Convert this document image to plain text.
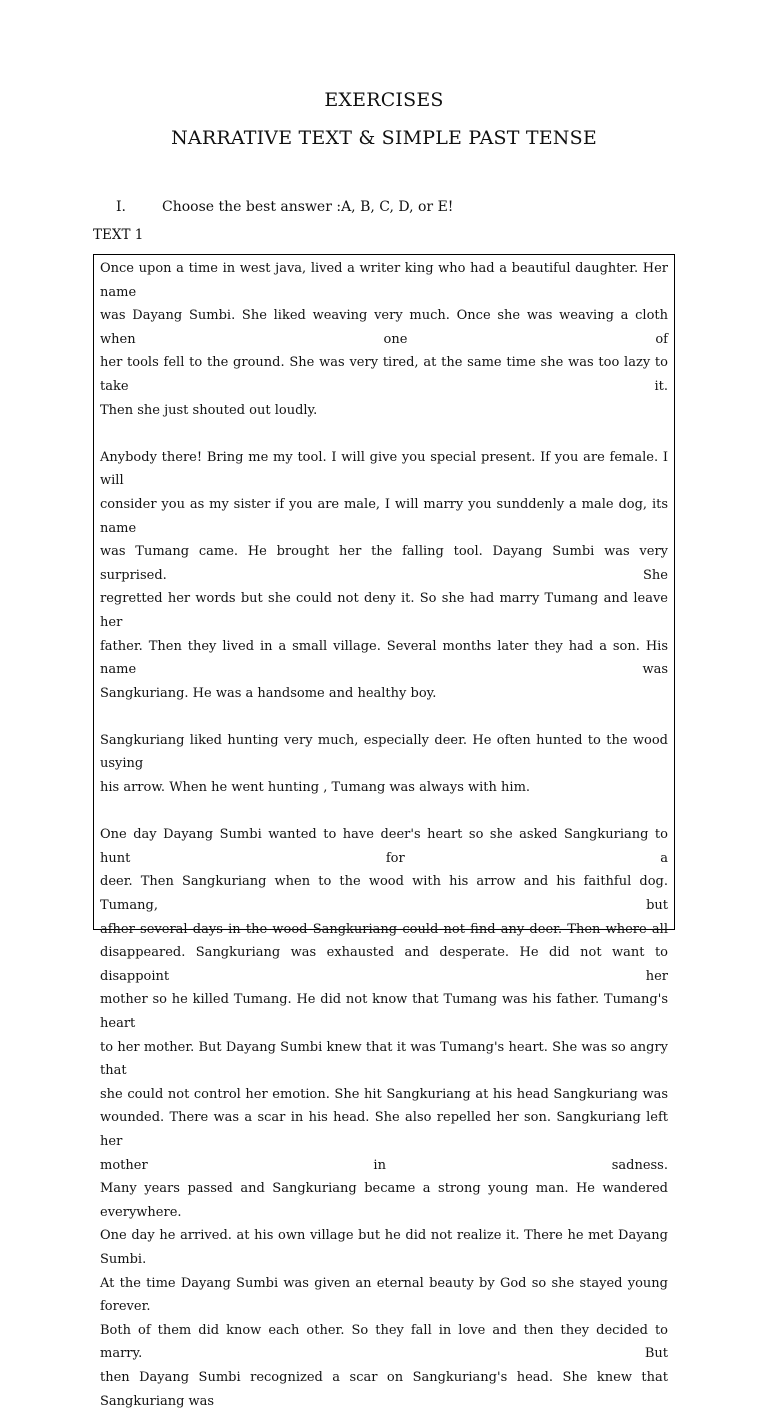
EXERCISES
NARRATIVE TEXT & SIMPLE PAST TENSE
I.	Choose the best answer :A, B, C, D, or E!
TEXT 1
Once upon a time in west java, lived a writer king who had a beautiful daughter. Her name
was Dayang Sumbi. She liked weaving very much. Once she was weaving a cloth when one of
her tools fell to the ground. She was very tired, at the same time she was too lazy to take it.
Then she just shouted out loudly.
Anybody there! Bring me my tool. I will give you special present. If you are female. I will
consider you as my sister if you are male, I will marry you sunddenly a male dog, its name
was Tumang came. He brought her the falling tool. Dayang Sumbi was very surprised. She
regretted her words but she could not deny it. So she had marry Tumang and leave her
father. Then they lived in a small village. Several months later they had a son. His name was
Sangkuriang. He was a handsome and healthy boy.
Sangkuriang liked hunting very much, especially deer. He often hunted to the wood usying
his arrow. When he went hunting , Tumang was always with him.
One day Dayang Sumbi wanted to have deer's heart so she asked Sangkuriang to hunt for a
deer. Then Sangkuriang when to the wood with his arrow and his faithful dog. Tumang, but
afher several days in the wood Sangkuriang could not find any deer. Then where all
disappeared. Sangkuriang was exhausted and desperate. He did not want to disappoint her
mother so he killed Tumang. He did not know that Tumang was his father. Tumang's heart
to her mother. But Dayang Sumbi knew that it was Tumang's heart. She was so angry that
she could not control her emotion. She hit Sangkuriang at his head Sangkuriang was
wounded. There was a scar in his head. She also repelled her son. Sangkuriang left her
mother in sadness.
Many years passed and Sangkuriang became a strong young man. He wandered everywhere.
One day he arrived. at his own village but he did not realize it. There he met Dayang Sumbi.
At the time Dayang Sumbi was given an eternal beauty by God so she stayed young forever.
Both of them did know each other. So they fall in love and then they decided to marry. But
then Dayang Sumbi recognized a scar on Sangkuriang's head. She knew that Sangkuriang was
